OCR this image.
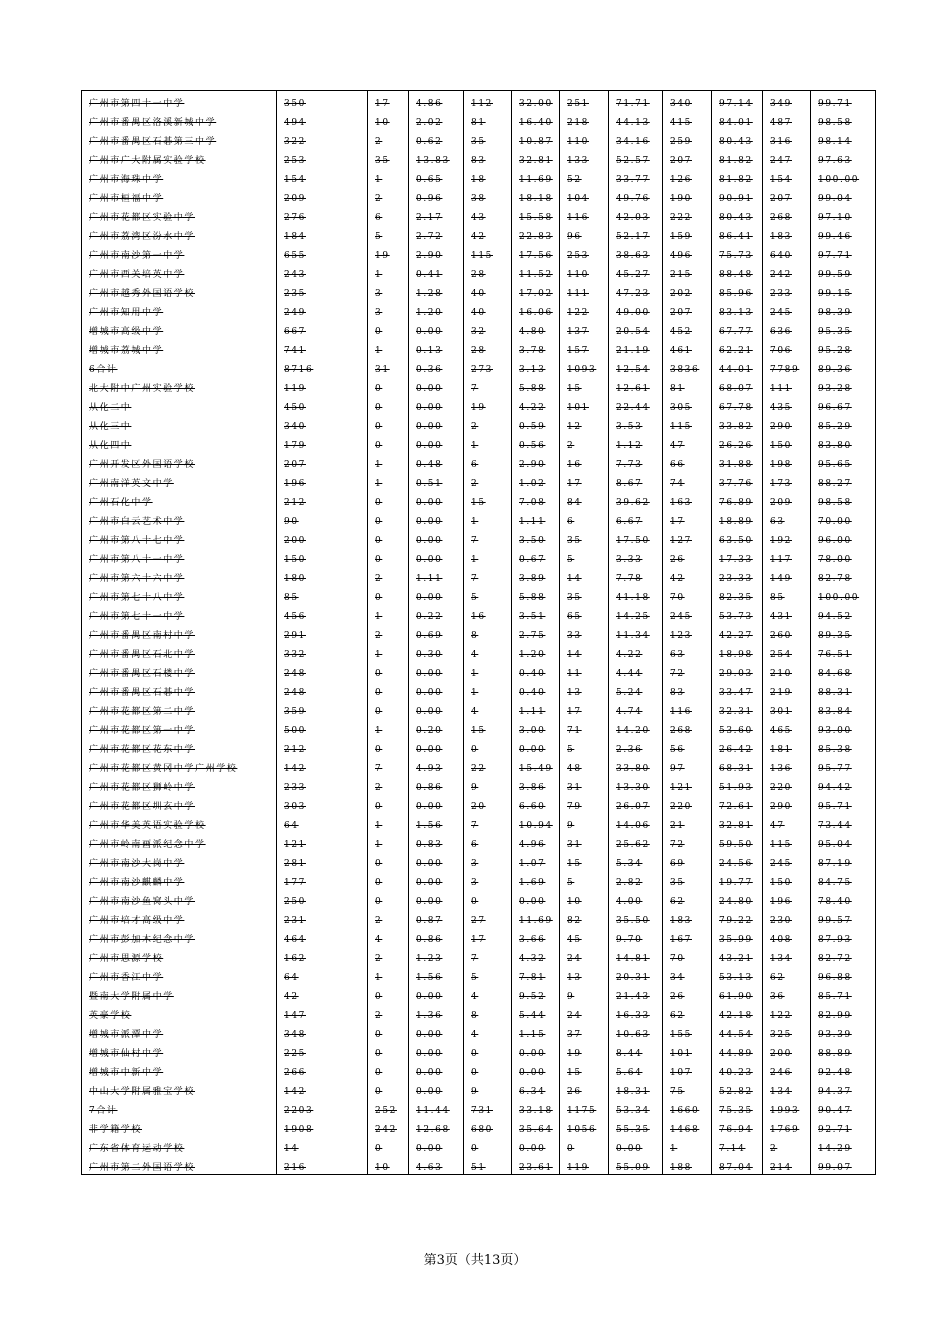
广州市第四十一中学	350	17	4.86	112	32.00	251	71.71	340	97.14	349	99.71
广州市番禺区洛溪新城中学	494	10	2.02	81	16.40	218	44.13	415	84.01	487	98.58
广州市番禺区石碁第三中学	322	2	0.62	35	10.87	110	34.16	259	80.43	316	98.14
广州市广大附属实验学校	253	35	13.83	83	32.81	133	52.57	207	81.82	247	97.63
广州市海珠中学	154	1	0.65	18	11.69	52	33.77	126	81.82	154	100.00
广州市桓福中学	209	2	0.96	38	18.18	104	49.76	190	90.91	207	99.04
广州市花都区实验中学	276	6	2.17	43	15.58	116	42.03	222	80.43	268	97.10
广州市荔湾区汾水中学	184	5	2.72	42	22.83	96	52.17	159	86.41	183	99.46
广州市南沙第一中学	655	19	2.90	115	17.56	253	38.63	496	75.73	640	97.71
广州市西关培英中学	243	1	0.41	28	11.52	110	45.27	215	88.48	242	99.59
广州市越秀外国语学校	235	3	1.28	40	17.02	111	47.23	202	85.96	233	99.15
广州市知用中学	249	3	1.20	40	16.06	122	49.00	207	83.13	245	98.39
增城市高级中学	667	0	0.00	32	4.80	137	20.54	452	67.77	636	95.35
增城市荔城中学	741	1	0.13	28	3.78	157	21.19	461	62.21	706	95.28
6合计	8716	31	0.36	273	3.13	1093	12.54	3836	44.01	7789	89.36
北大附中广州实验学校	119	0	0.00	7	5.88	15	12.61	81	68.07	111	93.28
从化二中	450	0	0.00	19	4.22	101	22.44	305	67.78	435	96.67
从化三中	340	0	0.00	2	0.59	12	3.53	115	33.82	290	85.29
从化四中	179	0	0.00	1	0.56	2	1.12	47	26.26	150	83.80
广州开发区外国语学校	207	1	0.48	6	2.90	16	7.73	66	31.88	198	95.65
广州南洋英文中学	196	1	0.51	2	1.02	17	8.67	74	37.76	173	88.27
广州石化中学	212	0	0.00	15	7.08	84	39.62	163	76.89	209	98.58
广州市白云艺术中学	90	0	0.00	1	1.11	6	6.67	17	18.89	63	70.00
广州市第八十七中学	200	0	0.00	7	3.50	35	17.50	127	63.50	192	96.00
广州市第八十一中学	150	0	0.00	1	0.67	5	3.33	26	17.33	117	78.00
广州市第六十六中学	180	2	1.11	7	3.89	14	7.78	42	23.33	149	82.78
广州市第七十八中学	85	0	0.00	5	5.88	35	41.18	70	82.35	85	100.00
广州市第七十一中学	456	1	0.22	16	3.51	65	14.25	245	53.73	431	94.52
广州市番禺区南村中学	291	2	0.69	8	2.75	33	11.34	123	42.27	260	89.35
广州市番禺区石北中学	332	1	0.30	4	1.20	14	4.22	63	18.98	254	76.51
广州市番禺区石楼中学	248	0	0.00	1	0.40	11	4.44	72	29.03	210	84.68
广州市番禺区石碁中学	248	0	0.00	1	0.40	13	5.24	83	33.47	219	88.31
广州市花都区第二中学	359	0	0.00	4	1.11	17	4.74	116	32.31	301	83.84
广州市花都区第一中学	500	1	0.20	15	3.00	71	14.20	268	53.60	465	93.00
广州市花都区花东中学	212	0	0.00	0	0.00	5	2.36	56	26.42	181	85.38
广州市花都区黄冈中学广州学校	142	7	4.93	22	15.49	48	33.80	97	68.31	136	95.77
广州市花都区狮岭中学	233	2	0.86	9	3.86	31	13.30	121	51.93	220	94.42
广州市花都区圳玄中学	303	0	0.00	20	6.60	79	26.07	220	72.61	290	95.71
广州市华美英语实验学校	64	1	1.56	7	10.94	9	14.06	21	32.81	47	73.44
广州市岭南画派纪念中学	121	1	0.83	6	4.96	31	25.62	72	59.50	115	95.04
广州市南沙大岗中学	281	0	0.00	3	1.07	15	5.34	69	24.56	245	87.19
广州市南沙麒麟中学	177	0	0.00	3	1.69	5	2.82	35	19.77	150	84.75
广州市南沙鱼窝头中学	250	0	0.00	0	0.00	10	4.00	62	24.80	196	78.40
广州市培才高级中学	231	2	0.87	27	11.69	82	35.50	183	79.22	230	99.57
广州市彭加木纪念中学	464	4	0.86	17	3.66	45	9.70	167	35.99	408	87.93
广州市思源学校	162	2	1.23	7	4.32	24	14.81	70	43.21	134	82.72
广州市香江中学	64	1	1.56	5	7.81	13	20.31	34	53.13	62	96.88
暨南大学附属中学	42	0	0.00	4	9.52	9	21.43	26	61.90	36	85.71
英豪学校	147	2	1.36	8	5.44	24	16.33	62	42.18	122	82.99
增城市派潭中学	348	0	0.00	4	1.15	37	10.63	155	44.54	325	93.39
增城市仙村中学	225	0	0.00	0	0.00	19	8.44	101	44.89	200	88.89
增城市中新中学	266	0	0.00	0	0.00	15	5.64	107	40.23	246	92.48
中山大学附属雅宝学校	142	0	0.00	9	6.34	26	18.31	75	52.82	134	94.37
7合计	2203	252	11.44	731	33.18	1175	53.34	1660	75.35	1993	90.47
非学籍学校	1908	242	12.68	680	35.64	1056	55.35	1468	76.94	1769	92.71
广东省体育运动学校	14	0	0.00	0	0.00	0	0.00	1	7.14	2	14.29
广州市第二外国语学校	216	10	4.63	51	23.61	119	55.09	188	87.04	214	99.07
第3页（共13页）
